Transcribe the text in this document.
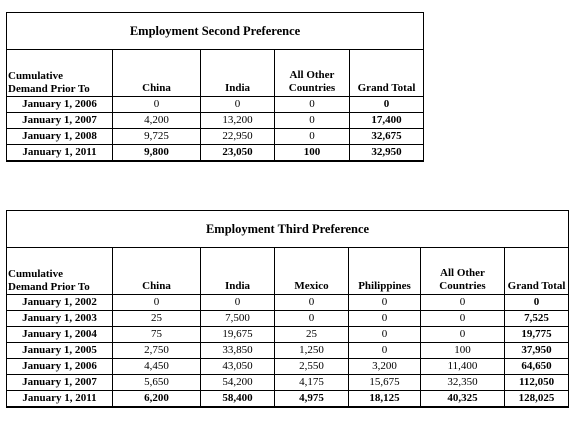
Employment Second Preference				

Cumulative
Demand Prior To	China	India	All Other Countries	Grand Total
January 1, 2006	0	0	0	0
January 1, 2007	4,200	13,200	0	17,400
January 1, 2008	9,725	22,950	0	32,675
January 1, 2011	9,800	23,050	100	32,950
Employment Third Preference						

Cumulative
Demand Prior To	China	India	Mexico	Philippines	All Other Countries	Grand Total
January 1, 2002	0	0	0	0	0	0
January 1, 2003	25	7,500	0	0	0	7,525
January 1, 2004	75	19,675	25	0	0	19,775
January 1, 2005	2,750	33,850	1,250	0	100	37,950
January 1, 2006	4,450	43,050	2,550	3,200	11,400	64,650
January 1, 2007	5,650	54,200	4,175	15,675	32,350	112,050
January 1, 2011	6,200	58,400	4,975	18,125	40,325	128,025
